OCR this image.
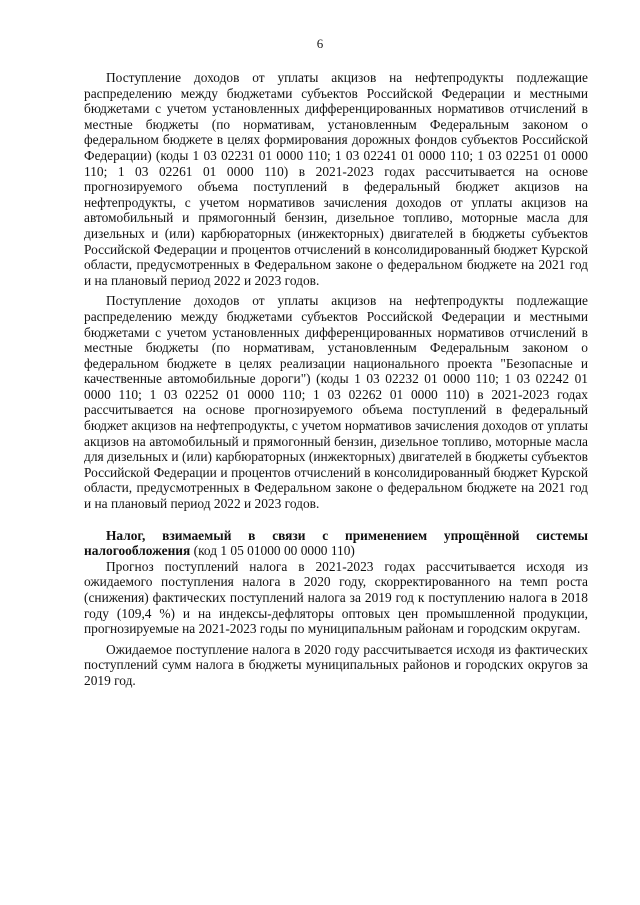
6

Поступление доходов от уплаты акцизов на нефтепродукты подлежащие распределению между бюджетами субъектов Российской Федерации и местными бюджетами с учетом установленных дифференцированных нормативов отчислений в местные бюджеты (по нормативам, установленным Федеральным законом о федеральном бюджете в целях формирования дорожных фондов субъектов Российской Федерации) (коды 1 03 02231 01 0000 110; 1 03 02241 01 0000 110; 1 03 02251 01 0000 110; 1 03 02261 01 0000 110) в 2021-2023 годах рассчитывается на основе прогнозируемого объема поступлений в федеральный бюджет акцизов на нефтепродукты, с учетом нормативов зачисления доходов от уплаты акцизов на автомобильный и прямогонный бензин, дизельное топливо, моторные масла для дизельных и (или) карбюраторных (инжекторных) двигателей в бюджеты субъектов Российской Федерации и процентов отчислений в консолидированный бюджет Курской области, предусмотренных в Федеральном законе о федеральном бюджете на 2021 год и на плановый период 2022 и 2023 годов.

Поступление доходов от уплаты акцизов на нефтепродукты подлежащие распределению между бюджетами субъектов Российской Федерации и местными бюджетами с учетом установленных дифференцированных нормативов отчислений в местные бюджеты (по нормативам, установленным Федеральным законом о федеральном бюджете в целях реализации национального проекта "Безопасные и качественные автомобильные дороги") (коды 1 03 02232 01 0000 110; 1 03 02242 01 0000 110; 1 03 02252 01 0000 110; 1 03 02262 01 0000 110) в 2021-2023 годах рассчитывается на основе прогнозируемого объема поступлений в федеральный бюджет акцизов на нефтепродукты, с учетом нормативов зачисления доходов от уплаты акцизов на автомобильный и прямогонный бензин, дизельное топливо, моторные масла для дизельных и (или) карбюраторных (инжекторных) двигателей в бюджеты субъектов Российской Федерации и процентов отчислений в консолидированный бюджет Курской области, предусмотренных в Федеральном законе о федеральном бюджете на 2021 год и на плановый период 2022 и 2023 годов.

Налог, взимаемый в связи с применением упрощённой системы налогообложения (код 1 05 01000 00 0000 110)

Прогноз поступлений налога в 2021-2023 годах рассчитывается исходя из ожидаемого поступления налога в 2020 году, скорректированного на темп роста (снижения) фактических поступлений налога за 2019 год к поступлению налога в 2018 году (109,4 %) и на индексы-дефляторы оптовых цен промышленной продукции, прогнозируемые на 2021-2023 годы по муниципальным районам и городским округам.

Ожидаемое поступление налога в 2020 году рассчитывается исходя из фактических поступлений сумм налога в бюджеты муниципальных районов и городских округов за 2019 год.
